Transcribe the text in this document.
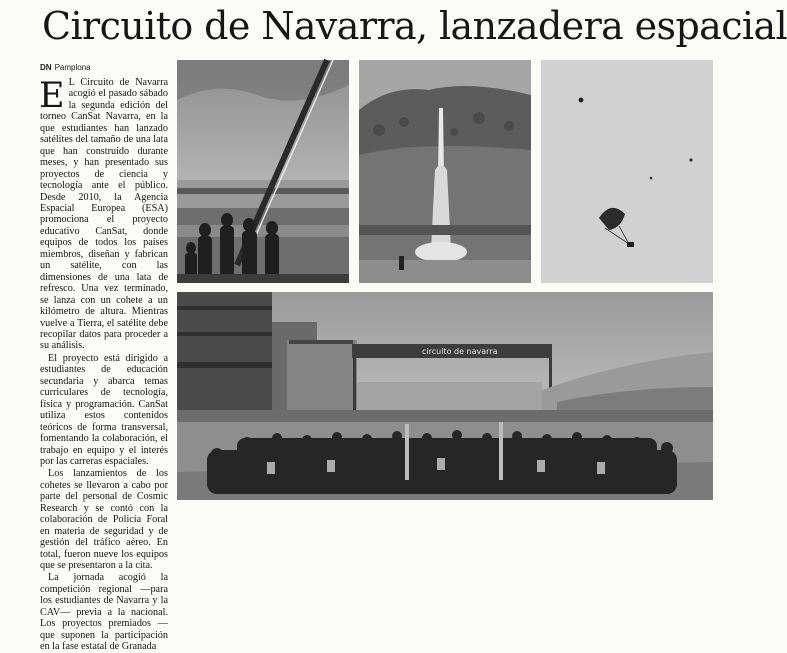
Circuito de Navarra, lanzadera espacial
DN Pamplona

E L Circuito de Navarra acogió el pasado sábado la segunda edición del torneo CanSat Navarra, en la que estudiantes han lanzado satélites del tamaño de una lata que han construido durante meses, y han presentado sus proyectos de ciencia y tecnología ante el público. Desde 2010, la Agencia Espacial Europea (ESA) promociona el proyecto educativo CanSat, donde equipos de todos los países miembros, diseñan y fabrican un satélite, con las dimensiones de una lata de refresco. Una vez terminado, se lanza con un cohete a un kilómetro de altura. Mientras vuelve a Tierra, el satélite debe recopilar datos para proceder a su análisis.

El proyecto está dirigido a estudiantes de educación secundaria y abarca temas curriculares de tecnología, física y programación. CanSat utiliza estos contenidos teóricos de forma transversal, fomentando la colaboración, el trabajo en equipo y el interés por las carreras espaciales.

Los lanzamientos de los cohetes se llevaron a cabo por parte del personal de Cosmic Research y se contó con la colaboración de Policía Foral en materia de seguridad y de gestión del tráfico aéreo. En total, fueron nueve los equipos que se presentaron a la cita.

La jornada acogió la competición regional —para los estudiantes de Navarra y la CAV— previa a la nacional. Los proyectos premiados —que suponen la participación en la fase estatal de Granada

circuito de navarra
